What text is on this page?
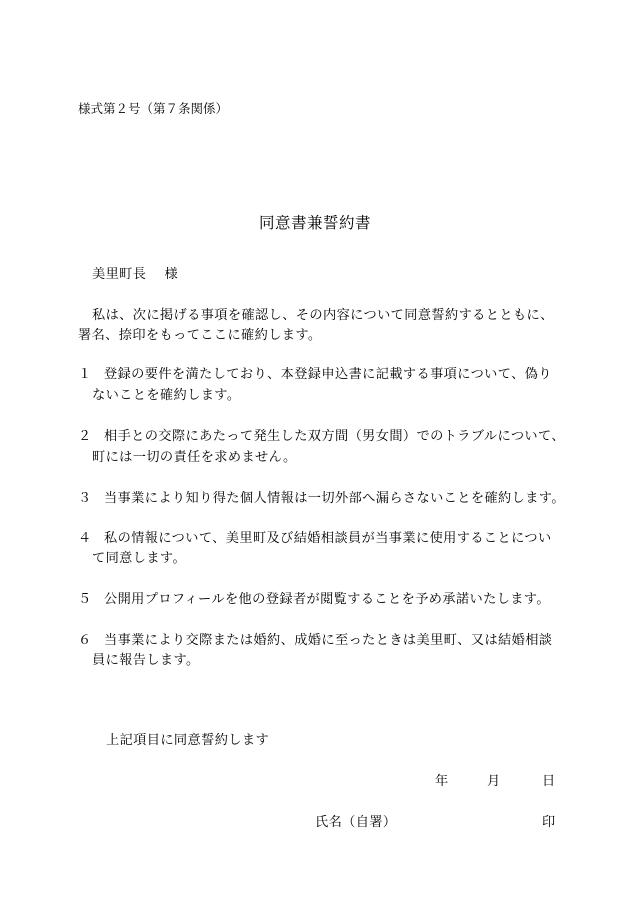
様式第２号（第７条関係）
同意書兼誓約書
美里町長　 様
私は、次に掲げる事項を確認し、その内容について同意誓約するとともに、
署名、捺印をもってここに確約します。
１ 登録の要件を満たしており、本登録申込書に記載する事項について、偽り
ないことを確約します。
２ 相手との交際にあたって発生した双方間（男女間）でのトラブルについて、
町には一切の責任を求めません。
３ 当事業により知り得た個人情報は一切外部へ漏らさないことを確約します。
４ 私の情報について、美里町及び結婚相談員が当事業に使用することについ
て同意します。
５ 公開用プロフィールを他の登録者が閲覧することを予め承諾いたします。
６ 当事業により交際または婚約、成婚に至ったときは美里町、又は結婚相談
員に報告します。
上記項目に同意誓約します
年	月	日
氏名（自署）	印
